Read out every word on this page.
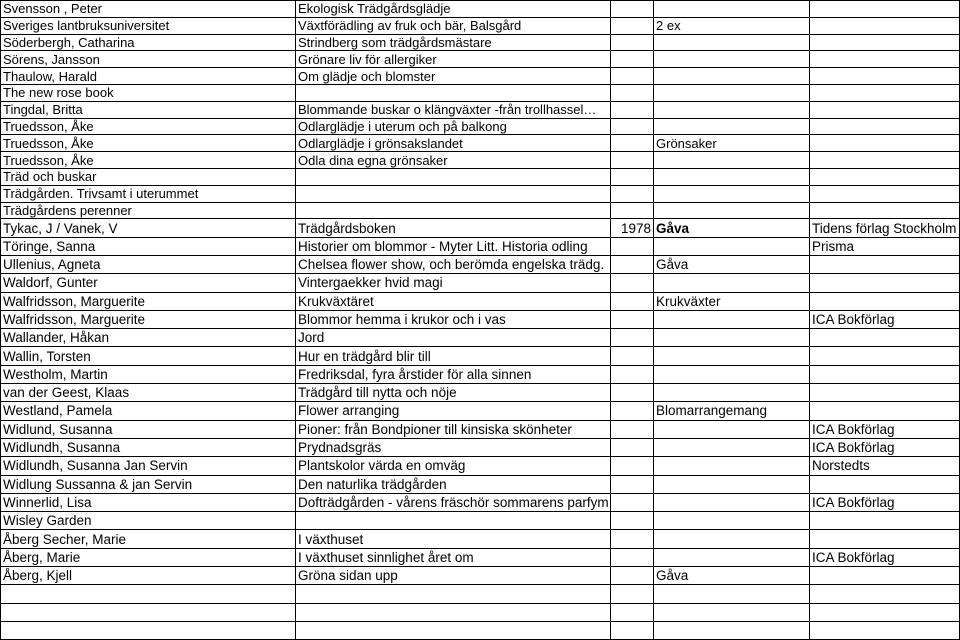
Svensson , Peter	Ekologisk Trädgårdsglädje			
Sveriges lantbruksuniversitet	Växtförädling av fruk och bär, Balsgård		2 ex	
Söderbergh, Catharina	Strindberg som trädgårdsmästare			
Sörens, Jansson	Grönare liv för allergiker			
Thaulow, Harald	Om glädje och blomster			
The new rose book				
Tingdal, Britta	Blommande buskar o klängväxter -från trollhassel…			
Truedsson, Åke	Odlarglädje i uterum och på balkong			
Truedsson, Åke	Odlarglädje i grönsakslandet		Grönsaker	
Truedsson, Åke	Odla dina egna grönsaker			
Träd och buskar				
Trädgården. Trivsamt i uterummet				
Trädgårdens perenner				
Tykac, J / Vanek, V	Trädgårdsboken	1978	Gåva	Tidens förlag Stockholm
Töringe, Sanna	Historier om blommor - Myter Litt. Historia odling			Prisma
Ullenius, Agneta	Chelsea flower show, och berömda engelska trädg.		Gåva	
Waldorf, Gunter	Vintergaekker hvid magi			
Walfridsson, Marguerite	Krukväxtäret		Krukväxter	
Walfridsson, Marguerite	Blommor hemma i krukor och i vas			ICA Bokförlag
Wallander, Håkan	Jord			
Wallin, Torsten	Hur en trädgård blir till			
Westholm, Martin	Fredriksdal, fyra årstider för alla sinnen			
van der Geest, Klaas	Trädgård till nytta och nöje			
Westland, Pamela	Flower arranging		Blomarrangemang	
Widlund, Susanna	Pioner: från Bondpioner till kinsiska skönheter			ICA Bokförlag
Widlundh, Susanna	Prydnadsgräs			ICA Bokförlag
Widlundh, Susanna Jan Servin	Plantskolor värda en omväg			Norstedts
Widlung Sussanna & jan Servin	Den naturlika trädgården			
Winnerlid, Lisa	Dofträdgården - vårens fräschör sommarens parfym			ICA Bokförlag
Wisley Garden				
Åberg Secher, Marie	I växthuset			
Åberg, Marie	I växthuset sinnlighet året om			ICA Bokförlag
Åberg, Kjell	Gröna sidan upp		Gåva	
